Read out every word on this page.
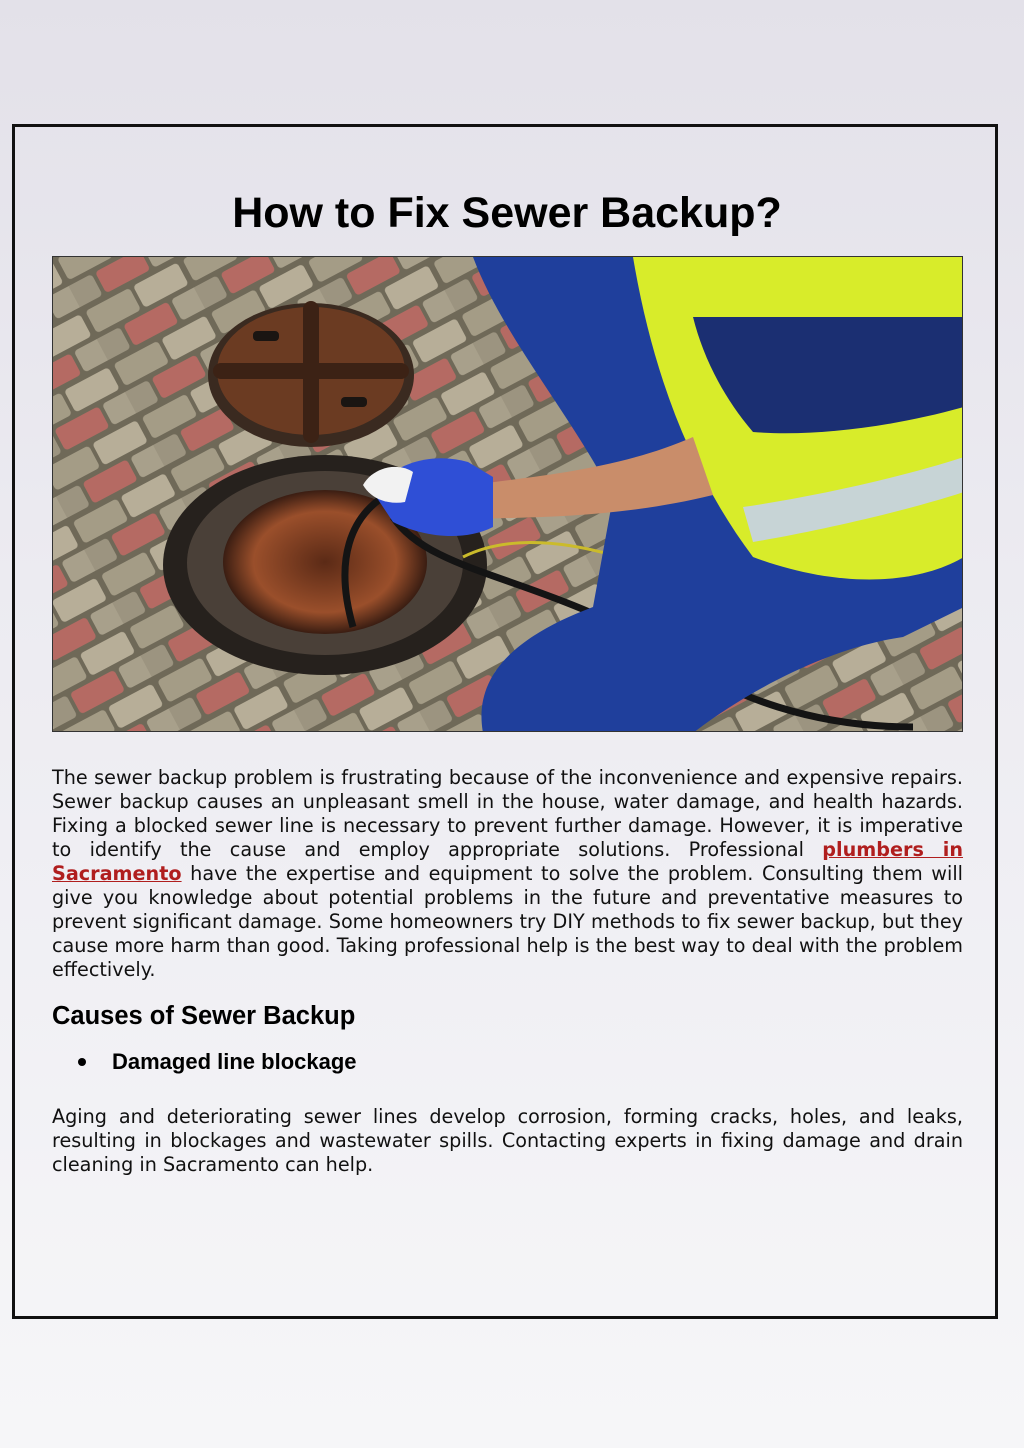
How to Fix Sewer Backup?

The sewer backup problem is frustrating because of the inconvenience and expensive repairs. Sewer backup causes an unpleasant smell in the house, water damage, and health hazards. Fixing a blocked sewer line is necessary to prevent further damage. However, it is imperative to identify the cause and employ appropriate solutions. Professional plumbers in Sacramento have the expertise and equipment to solve the problem. Consulting them will give you knowledge about potential problems in the future and preventative measures to prevent significant damage. Some homeowners try DIY methods to fix sewer backup, but they cause more harm than good. Taking professional help is the best way to deal with the problem effectively.

Causes of Sewer Backup
Damaged line blockage

Aging and deteriorating sewer lines develop corrosion, forming cracks, holes, and leaks, resulting in blockages and wastewater spills. Contacting experts in fixing damage and drain cleaning in Sacramento can help.
